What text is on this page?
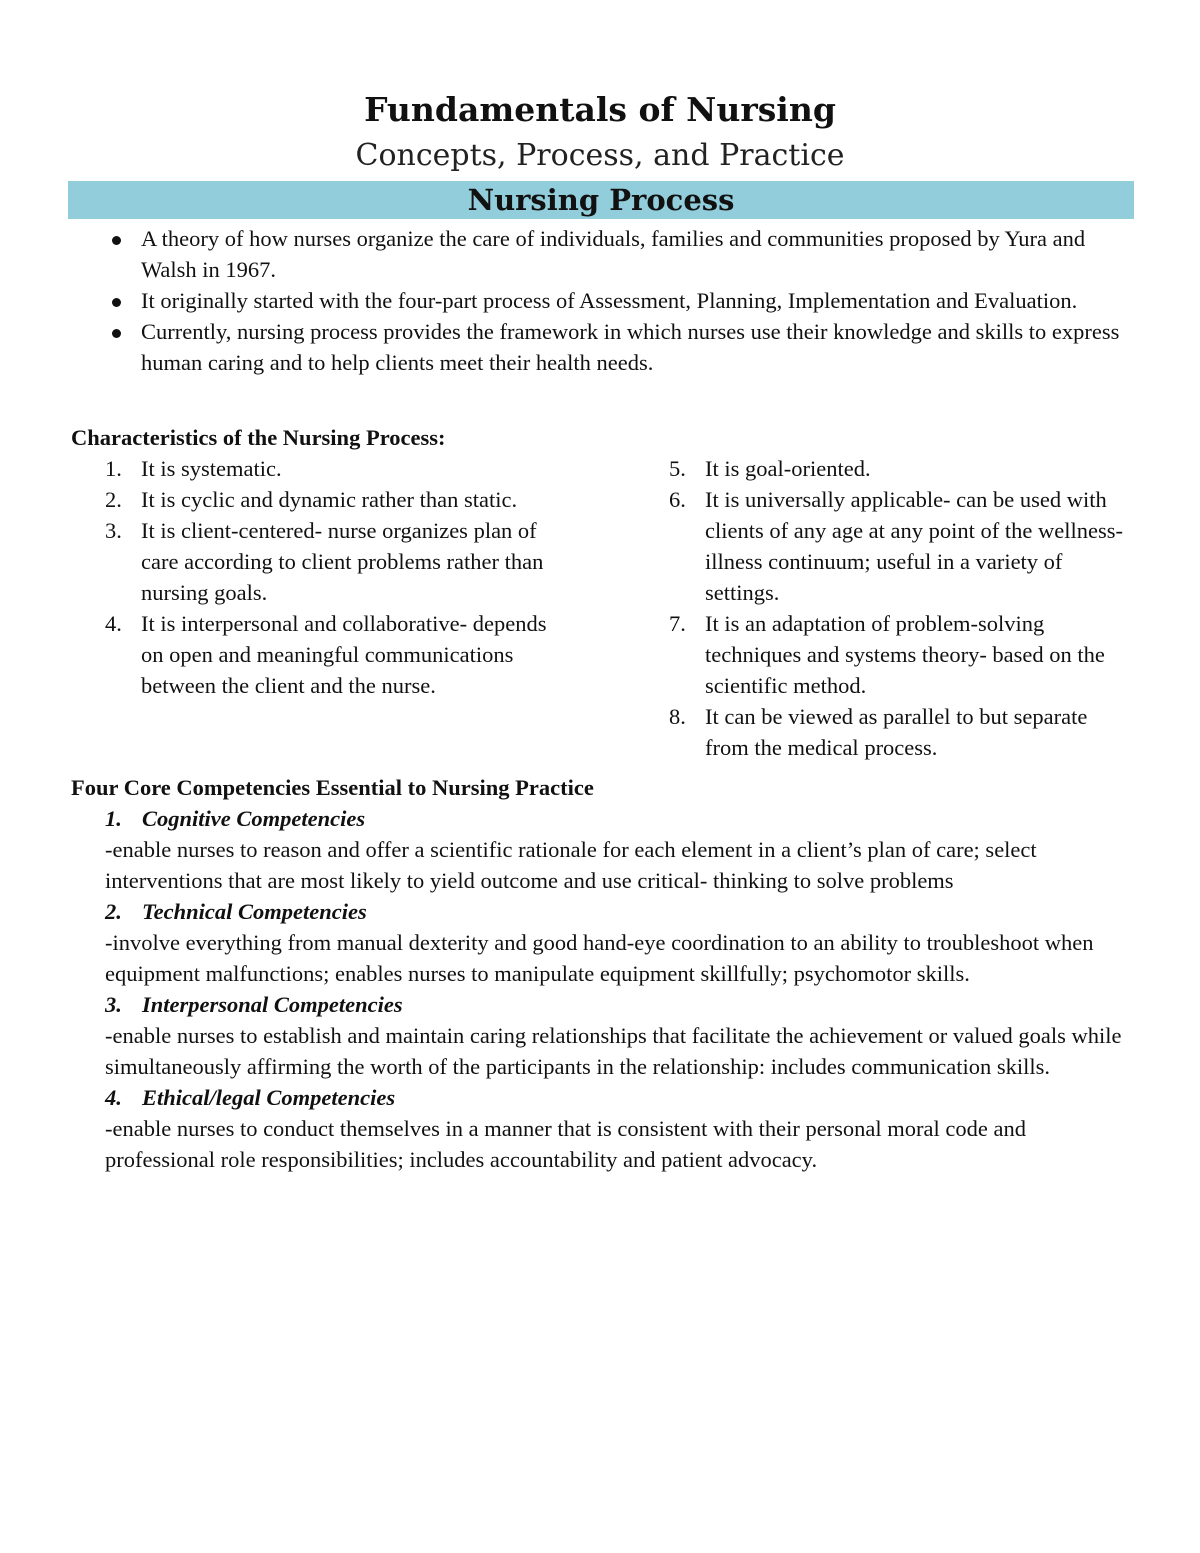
Fundamentals of Nursing
Concepts, Process, and Practice
Nursing Process
A theory of how nurses organize the care of individuals, families and communities proposed by Yura and Walsh in 1967.
It originally started with the four-part process of Assessment, Planning, Implementation and Evaluation.
Currently, nursing process provides the framework in which nurses use their knowledge and skills to express human caring and to help clients meet their health needs.
Characteristics of the Nursing Process:
1. It is systematic.
2. It is cyclic and dynamic rather than static.
3. It is client-centered- nurse organizes plan of care according to client problems rather than nursing goals.
4. It is interpersonal and collaborative- depends on open and meaningful communications between the client and the nurse.
5. It is goal-oriented.
6. It is universally applicable- can be used with clients of any age at any point of the wellness-illness continuum; useful in a variety of settings.
7. It is an adaptation of problem-solving techniques and systems theory- based on the scientific method.
8. It can be viewed as parallel to but separate from the medical process.
Four Core Competencies Essential to Nursing Practice
1. Cognitive Competencies
-enable nurses to reason and offer a scientific rationale for each element in a client’s plan of care; select interventions that are most likely to yield outcome and use critical- thinking to solve problems
2. Technical Competencies
-involve everything from manual dexterity and good hand-eye coordination to an ability to troubleshoot when equipment malfunctions; enables nurses to manipulate equipment skillfully; psychomotor skills.
3. Interpersonal Competencies
-enable nurses to establish and maintain caring relationships that facilitate the achievement or valued goals while simultaneously affirming the worth of the participants in the relationship: includes communication skills.
4. Ethical/legal Competencies
-enable nurses to conduct themselves in a manner that is consistent with their personal moral code and professional role responsibilities; includes accountability and patient advocacy.
